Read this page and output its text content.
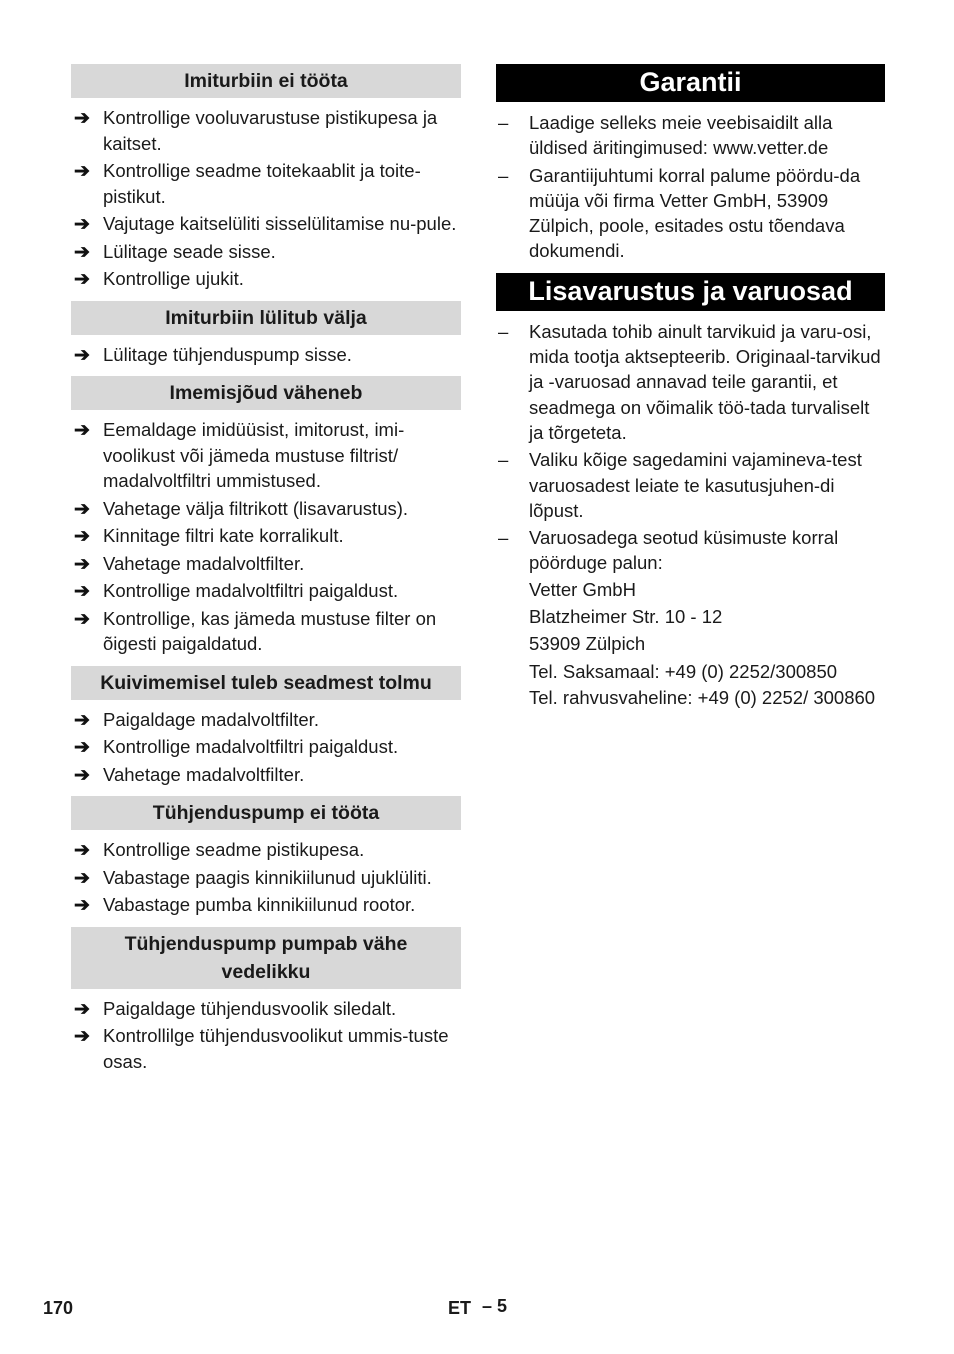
Imiturbiin ei tööta
➔ Kontrollige vooluvarustuse pistikupesa ja kaitset.
➔ Kontrollige seadme toitekaablit ja toite-pistikut.
➔ Vajutage kaitselüliti sisselülitamise nu-pule.
➔ Lülitage seade sisse.
➔ Kontrollige ujukit.
Imiturbiin lülitub välja
➔ Lülitage tühjenduspump sisse.
Imemisjõud väheneb
➔ Eemaldage imidüüsist, imitorust, imi-voolikust või jämeda mustuse filtrist/ madalvoltfiltri ummistused.
➔ Vahetage välja filtrikott (lisavarustus).
➔ Kinnitage filtri kate korralikult.
➔ Vahetage madalvoltfilter.
➔ Kontrollige madalvoltfiltri paigaldust.
➔ Kontrollige, kas jämeda mustuse filter on õigesti paigaldatud.
Kuivimemisel tuleb seadmest tolmu
➔ Paigaldage madalvoltfilter.
➔ Kontrollige madalvoltfiltri paigaldust.
➔ Vahetage madalvoltfilter.
Tühjenduspump ei tööta
➔ Kontrollige seadme pistikupesa.
➔ Vabastage paagis kinnikiilunud ujuklüliti.
➔ Vabastage pumba kinnikiilunud rootor.
Tühjenduspump pumpab vähe vedelikku
➔ Paigaldage tühjendusvoolik siledalt.
➔ Kontrollilge tühjendusvoolikut ummis-tuste osas.
Garantii
– Laadige selleks meie veebisaidilt alla üldised äritingimused: www.vetter.de
– Garantiijuhtumi korral palume pöördu-da müüja või firma Vetter GmbH, 53909 Zülpich, poole, esitades ostu tõendava dokumendi.
Lisavarustus ja varuosad
– Kasutada tohib ainult tarvikuid ja varu-osi, mida tootja aktsepteerib. Originaal-tarvikud ja -varuosad annavad teile garantii, et seadmega on võimalik töö-tada turvaliselt ja tõrgeteta.
– Valiku kõige sagedamini vajamineva-test varuosadest leiate te kasutusjuhen-di lõpust.
– Varuosadega seotud küsimuste korral pöörduge palun:
Vetter GmbH
Blatzheimer Str. 10 - 12
53909 Zülpich
Tel. Saksamaal: +49 (0) 2252/300850
Tel. rahvusvaheline: +49 (0) 2252/ 300860
170	ET – 5
